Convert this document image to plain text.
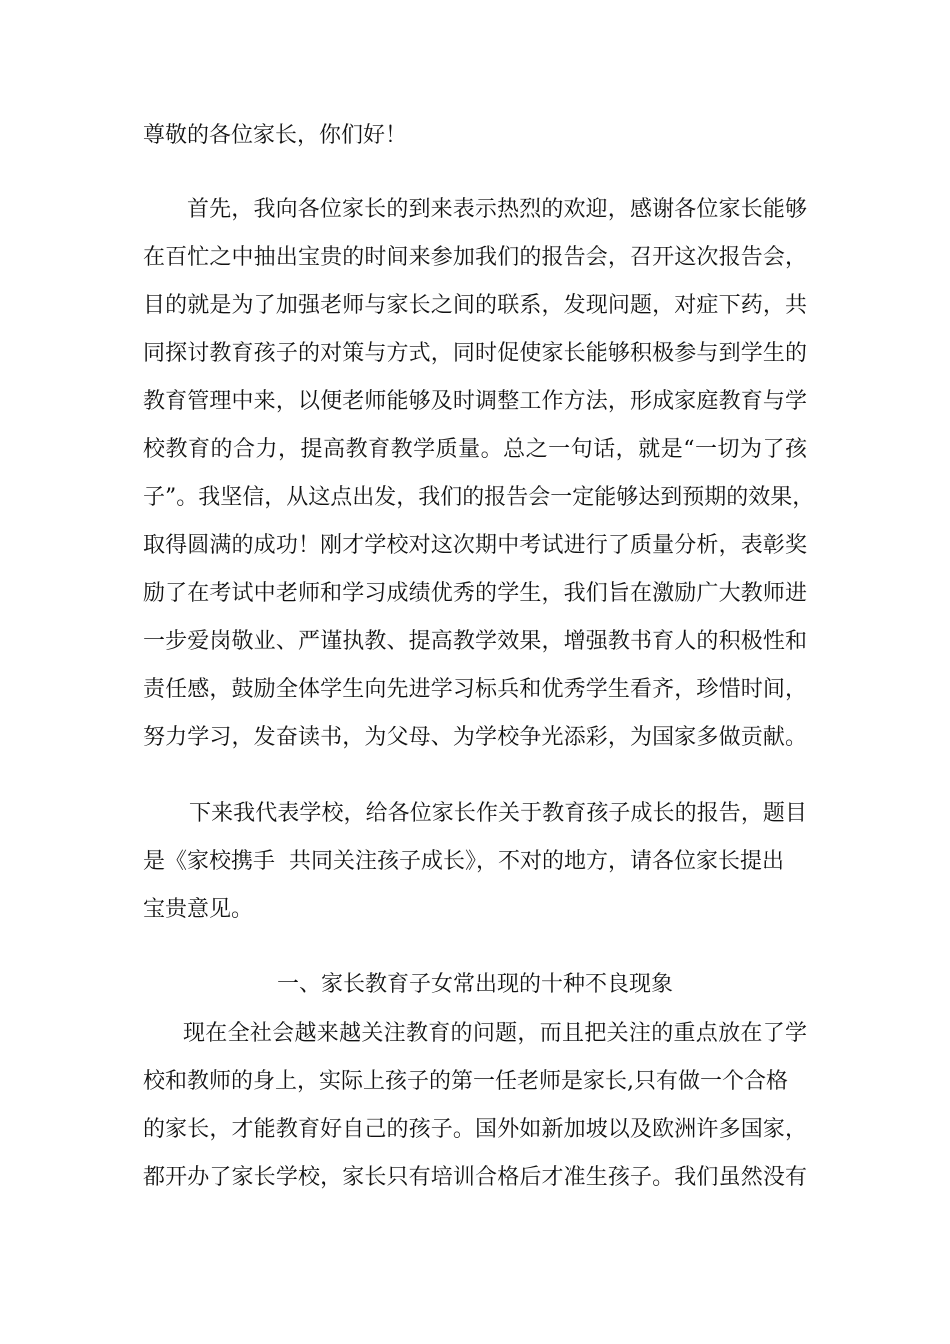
尊敬的各位家长，你们好！
首先，我向各位家长的到来表示热烈的欢迎，感谢各位家长能够
在百忙之中抽出宝贵的时间来参加我们的报告会，召开这次报告会，
目的就是为了加强老师与家长之间的联系，发现问题，对症下药，共
同探讨教育孩子的对策与方式，同时促使家长能够积极参与到学生的
教育管理中来，以便老师能够及时调整工作方法，形成家庭教育与学
校教育的合力，提高教育教学质量。总之一句话，就是“一切为了孩
子”。我坚信，从这点出发，我们的报告会一定能够达到预期的效果，
取得圆满的成功！刚才学校对这次期中考试进行了质量分析，表彰奖
励了在考试中老师和学习成绩优秀的学生，我们旨在激励广大教师进
一步爱岗敬业、严谨执教、提高教学效果，增强教书育人的积极性和
责任感，鼓励全体学生向先进学习标兵和优秀学生看齐，珍惜时间，
努力学习，发奋读书，为父母、为学校争光添彩，为国家多做贡献。
下来我代表学校，给各位家长作关于教育孩子成长的报告，题目
是《家校携手  共同关注孩子成长》，不对的地方，请各位家长提出
宝贵意见。
一、家长教育子女常出现的十种不良现象
现在全社会越来越关注教育的问题，而且把关注的重点放在了学
校和教师的身上，实际上孩子的第一任老师是家长,只有做一个合格
的家长，才能教育好自己的孩子。国外如新加坡以及欧洲许多国家，
都开办了家长学校，家长只有培训合格后才准生孩子。我们虽然没有
